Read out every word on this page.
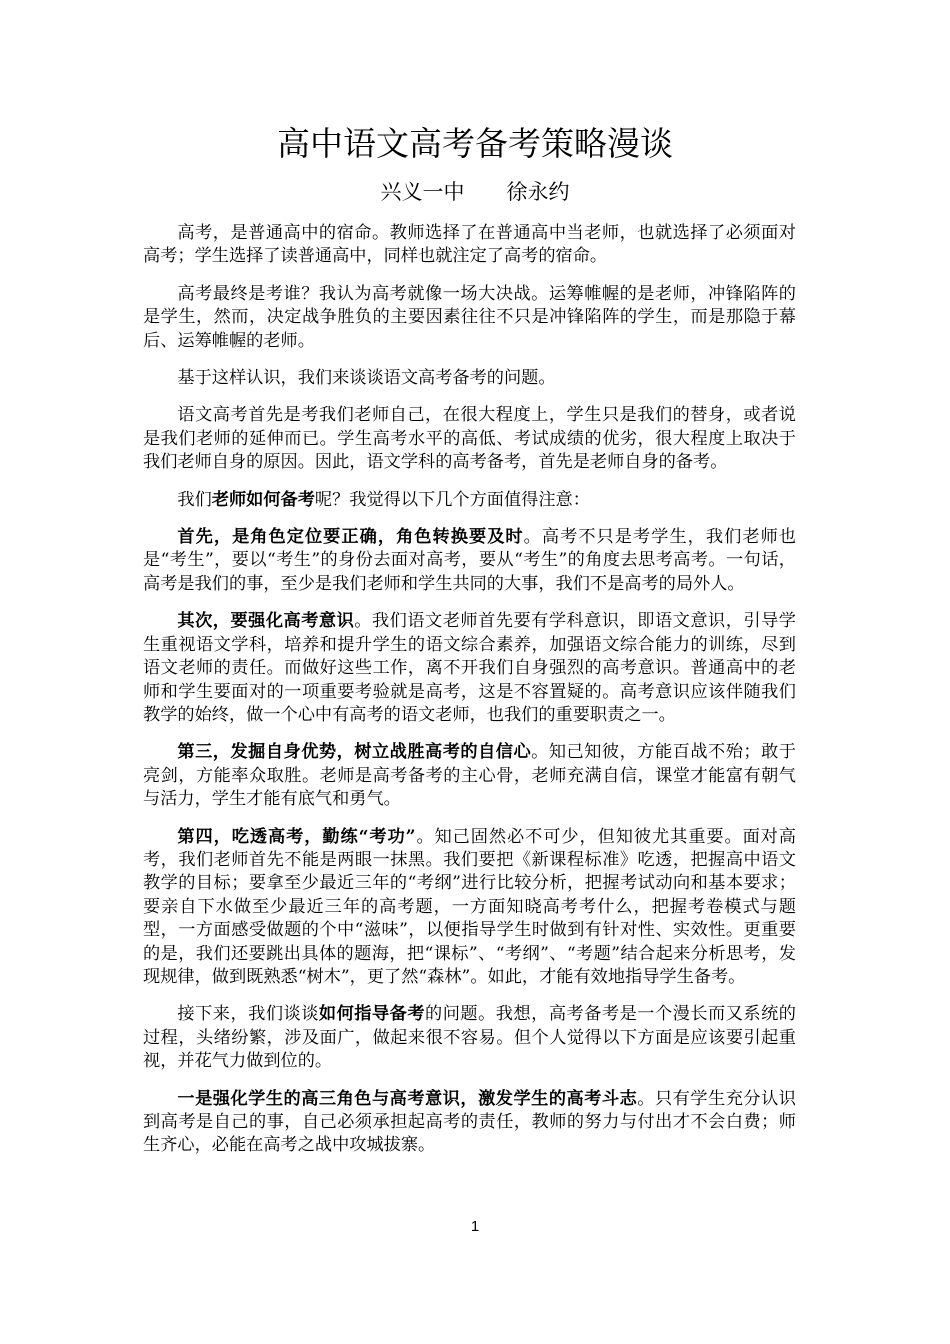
高中语文高考备考策略漫谈
兴义一中 徐永约

高考，是普通高中的宿命。教师选择了在普通高中当老师，也就选择了必须面对高考；学生选择了读普通高中，同样也就注定了高考的宿命。

高考最终是考谁？我认为高考就像一场大决战。运筹帷幄的是老师，冲锋陷阵的是学生，然而，决定战争胜负的主要因素往往不只是冲锋陷阵的学生，而是那隐于幕后、运筹帷幄的老师。

基于这样认识，我们来谈谈语文高考备考的问题。

语文高考首先是考我们老师自己，在很大程度上，学生只是我们的替身，或者说是我们老师的延伸而已。学生高考水平的高低、考试成绩的优劣，很大程度上取决于我们老师自身的原因。因此，语文学科的高考备考，首先是老师自身的备考。

我们老师如何备考呢？我觉得以下几个方面值得注意：

首先，是角色定位要正确，角色转换要及时。高考不只是考学生，我们老师也是“考生”，要以“考生”的身份去面对高考，要从“考生”的角度去思考高考。一句话，高考是我们的事，至少是我们老师和学生共同的大事，我们不是高考的局外人。

其次，要强化高考意识。我们语文老师首先要有学科意识，即语文意识，引导学生重视语文学科，培养和提升学生的语文综合素养，加强语文综合能力的训练，尽到语文老师的责任。而做好这些工作，离不开我们自身强烈的高考意识。普通高中的老师和学生要面对的一项重要考验就是高考，这是不容置疑的。高考意识应该伴随我们教学的始终，做一个心中有高考的语文老师，也我们的重要职责之一。

第三，发掘自身优势，树立战胜高考的自信心。知己知彼，方能百战不殆；敢于亮剑，方能率众取胜。老师是高考备考的主心骨，老师充满自信，课堂才能富有朝气与活力，学生才能有底气和勇气。

第四，吃透高考，勤练“考功”。知己固然必不可少，但知彼尤其重要。面对高考，我们老师首先不能是两眼一抹黑。我们要把《新课程标准》吃透，把握高中语文教学的目标；要拿至少最近三年的“考纲”进行比较分析，把握考试动向和基本要求；要亲自下水做至少最近三年的高考题，一方面知晓高考考什么，把握考卷模式与题型，一方面感受做题的个中“滋味”，以便指导学生时做到有针对性、实效性。更重要的是，我们还要跳出具体的题海，把“课标”、“考纲”、“考题”结合起来分析思考，发现规律，做到既熟悉“树木”，更了然“森林”。如此，才能有效地指导学生备考。

接下来，我们谈谈如何指导备考的问题。我想，高考备考是一个漫长而又系统的过程，头绪纷繁，涉及面广，做起来很不容易。但个人觉得以下方面是应该要引起重视，并花气力做到位的。

一是强化学生的高三角色与高考意识，激发学生的高考斗志。只有学生充分认识到高考是自己的事，自己必须承担起高考的责任，教师的努力与付出才不会白费；师生齐心，必能在高考之战中攻城拔寨。

1
